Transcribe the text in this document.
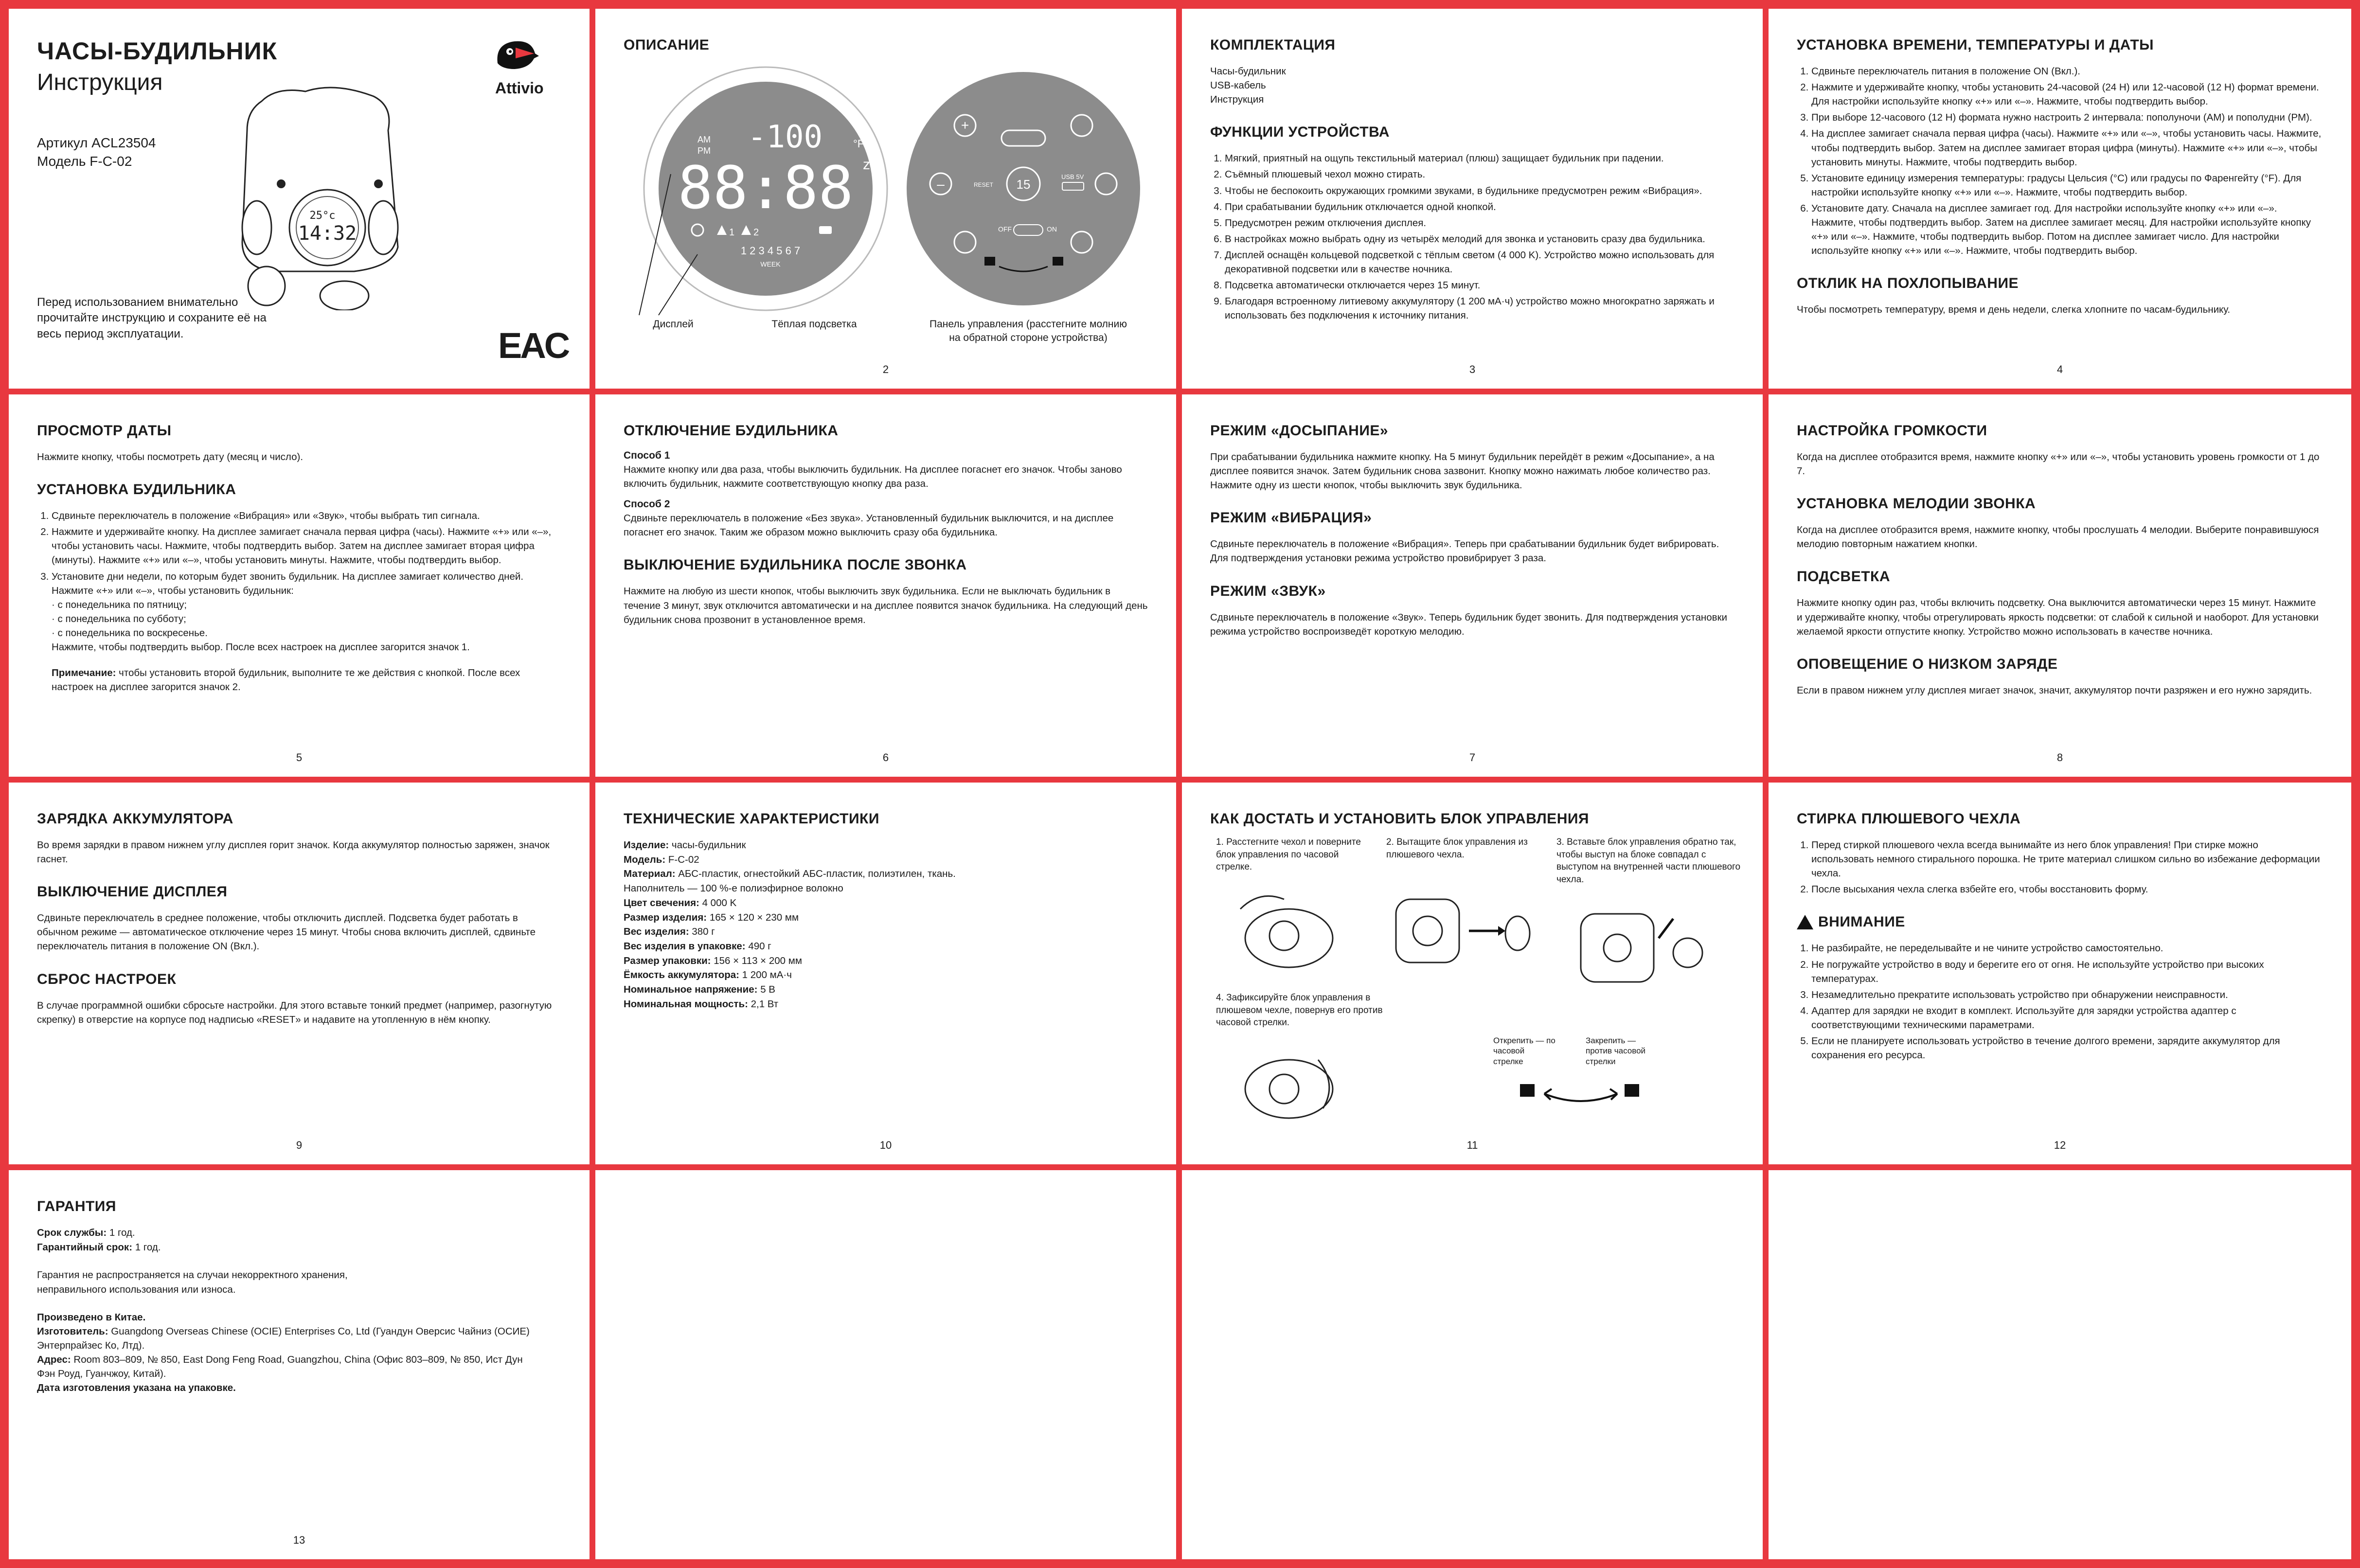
ЧАСЫ-БУДИЛЬНИК
Инструкция
Артикул ACL23504
Модель F-C-02
Attivio
25°c
14:32
Перед использованием внимательно прочитайте инструкцию и сохраните её на весь период эксплуатации.	EAC
ОПИСАНИЕ
-100	°C
°F
AM
PM
88:88 zᶻ
1 2
1 2 3 4 5 6 7
WEEK
+
–	15
RESET
USB 5V
OFF	ON
Дисплей	Тёплая подсветка	Панель управления (расстегните молнию на обратной стороне устройства)
2
КОМПЛЕКТАЦИЯ

Часы-будильник

USB-кабель

Инструкция

ФУНКЦИИ УСТРОЙСТВА
1. Мягкий, приятный на ощупь текстильный материал (плюш) защищает будильник при падении.
2. Съёмный плюшевый чехол можно стирать.
3. Чтобы не беспокоить окружающих громкими звуками, в будильнике предусмотрен режим «Вибрация».
4. При срабатывании будильник отключается одной кнопкой.
5. Предусмотрен режим отключения дисплея.
6. В настройках можно выбрать одну из четырёх мелодий для звонка и установить сразу два будильника.
7. Дисплей оснащён кольцевой подсветкой с тёплым светом (4 000 K). Устройство можно использовать для декоративной подсветки или в качестве ночника.
8. Подсветка автоматически отключается через 15 минут.
9. Благодаря встроенному литиевому аккумулятору (1 200 мА·ч) устройство можно многократно заряжать и использовать без подключения к источнику питания.
3
УСТАНОВКА ВРЕМЕНИ, ТЕМПЕРАТУРЫ И ДАТЫ
1. Сдвиньте переключатель питания в положение ON (Вкл.).
2. Нажмите и удерживайте кнопку, чтобы установить 24-часовой (24 H) или 12-часовой (12 H) формат времени. Для настройки используйте кнопку «+» или «–». Нажмите, чтобы подтвердить выбор.
3. При выборе 12-часового (12 H) формата нужно настроить 2 интервала: пополуночи (AM) и пополудни (PM).
4. На дисплее замигает сначала первая цифра (часы). Нажмите «+» или «–», чтобы установить часы. Нажмите, чтобы подтвердить выбор. Затем на дисплее замигает вторая цифра (минуты). Нажмите «+» или «–», чтобы установить минуты. Нажмите, чтобы подтвердить выбор.
5. Установите единицу измерения температуры: градусы Цельсия (°C) или градусы по Фаренгейту (°F). Для настройки используйте кнопку «+» или «–». Нажмите, чтобы подтвердить выбор.
6. Установите дату. Сначала на дисплее замигает год. Для настройки используйте кнопку «+» или «–». Нажмите, чтобы подтвердить выбор. Затем на дисплее замигает месяц. Для настройки используйте кнопку «+» или «–». Нажмите, чтобы подтвердить выбор. Потом на дисплее замигает число. Для настройки используйте кнопку «+» или «–». Нажмите, чтобы подтвердить выбор.
ОТКЛИК НА ПОХЛОПЫВАНИЕ

Чтобы посмотреть температуру, время и день недели, слегка хлопните по часам-будильнику.

4
ПРОСМОТР ДАТЫ

Нажмите кнопку, чтобы посмотреть дату (месяц и число).

УСТАНОВКА БУДИЛЬНИКА
1. Сдвиньте переключатель в положение «Вибрация» или «Звук», чтобы выбрать тип сигнала.
2. Нажмите и удерживайте кнопку. На дисплее замигает сначала первая цифра (часы). Нажмите «+» или «–», чтобы установить часы. Нажмите, чтобы подтвердить выбор. Затем на дисплее замигает вторая цифра (минуты). Нажмите «+» или «–», чтобы установить минуты. Нажмите, чтобы подтвердить выбор.
3. Установите дни недели, по которым будет звонить будильник. На дисплее замигает количество дней. Нажмите «+» или «–», чтобы установить будильник:
· с понедельника по пятницу;
· с понедельника по субботу;
· с понедельника по воскресенье.
Нажмите, чтобы подтвердить выбор. После всех настроек на дисплее загорится значок 1.

Примечание: чтобы установить второй будильник, выполните те же действия с кнопкой. После всех настроек на дисплее загорится значок 2.

5
ОТКЛЮЧЕНИЕ БУДИЛЬНИКА
Способ 1

Нажмите кнопку или два раза, чтобы выключить будильник. На дисплее погаснет его значок. Чтобы заново включить будильник, нажмите соответствующую кнопку два раза.

Способ 2

Сдвиньте переключатель в положение «Без звука». Установленный будильник выключится, и на дисплее погаснет его значок. Таким же образом можно выключить сразу оба будильника.

ВЫКЛЮЧЕНИЕ БУДИЛЬНИКА ПОСЛЕ ЗВОНКА

Нажмите на любую из шести кнопок, чтобы выключить звук будильника. Если не выключать будильник в течение 3 минут, звук отключится автоматически и на дисплее появится значок будильника. На следующий день будильник снова прозвонит в установленное время.

6
РЕЖИМ «ДОСЫПАНИЕ»

При срабатывании будильника нажмите кнопку. На 5 минут будильник перейдёт в режим «Досыпание», а на дисплее появится значок. Затем будильник снова зазвонит. Кнопку можно нажимать любое количество раз. Нажмите одну из шести кнопок, чтобы выключить звук будильника.

РЕЖИМ «ВИБРАЦИЯ»

Сдвиньте переключатель в положение «Вибрация». Теперь при срабатывании будильник будет вибрировать. Для подтверждения установки режима устройство провибрирует 3 раза.

РЕЖИМ «ЗВУК»

Сдвиньте переключатель в положение «Звук». Теперь будильник будет звонить. Для подтверждения установки режима устройство воспроизведёт короткую мелодию.

7
НАСТРОЙКА ГРОМКОСТИ

Когда на дисплее отобразится время, нажмите кнопку «+» или «–», чтобы установить уровень громкости от 1 до 7.

УСТАНОВКА МЕЛОДИИ ЗВОНКА

Когда на дисплее отобразится время, нажмите кнопку, чтобы прослушать 4 мелодии. Выберите понравившуюся мелодию повторным нажатием кнопки.

ПОДСВЕТКА

Нажмите кнопку один раз, чтобы включить подсветку. Она выключится автоматически через 15 минут. Нажмите и удерживайте кнопку, чтобы отрегулировать яркость подсветки: от слабой к сильной и наоборот. Для установки желаемой яркости отпустите кнопку. Устройство можно использовать в качестве ночника.

ОПОВЕЩЕНИЕ О НИЗКОМ ЗАРЯДЕ

Если в правом нижнем углу дисплея мигает значок, значит, аккумулятор почти разряжен и его нужно зарядить.

8
ЗАРЯДКА АККУМУЛЯТОРА

Во время зарядки в правом нижнем углу дисплея горит значок. Когда аккумулятор полностью заряжен, значок гаснет.

ВЫКЛЮЧЕНИЕ ДИСПЛЕЯ

Сдвиньте переключатель в среднее положение, чтобы отключить дисплей. Подсветка будет работать в обычном режиме — автоматическое отключение через 15 минут. Чтобы снова включить дисплей, сдвиньте переключатель питания в положение ON (Вкл.).

СБРОС НАСТРОЕК

В случае программной ошибки сбросьте настройки. Для этого вставьте тонкий предмет (например, разогнутую скрепку) в отверстие на корпусе под надписью «RESET» и надавите на утопленную в нём кнопку.

9
ТЕХНИЧЕСКИЕ ХАРАКТЕРИСТИКИ
Изделие: часы-будильник
Модель: F-C-02
Материал: АБС-пластик, огнестойкий АБС-пластик, полиэтилен, ткань.
Наполнитель — 100 %-е полиэфирное волокно
Цвет свечения: 4 000 K
Размер изделия: 165 × 120 × 230 мм
Вес изделия: 380 г
Вес изделия в упаковке: 490 г
Размер упаковки: 156 × 113 × 200 мм
Ёмкость аккумулятора: 1 200 мА·ч
Номинальное напряжение: 5 В
Номинальная мощность: 2,1 Вт
10
КАК ДОСТАТЬ И УСТАНОВИТЬ БЛОК УПРАВЛЕНИЯ
1. Расстегните чехол и поверните блок управления по часовой стрелке.
2. Вытащите блок управления из плюшевого чехла.
3. Вставьте блок управления обратно так, чтобы выступ на блоке совпадал с выступом на внутренней части плюшевого чехла.
4. Зафиксируйте блок управления в плюшевом чехле, повернув его против часовой стрелки.
Открепить — по часовой стрелке
Закрепить — против часовой стрелки
11
СТИРКА ПЛЮШЕВОГО ЧЕХЛА
1. Перед стиркой плюшевого чехла всегда вынимайте из него блок управления! При стирке можно использовать немного стирального порошка. Не трите материал слишком сильно во избежание деформации чехла.
2. После высыхания чехла слегка взбейте его, чтобы восстановить форму.
ВНИМАНИЕ
1. Не разбирайте, не переделывайте и не чините устройство самостоятельно.
2. Не погружайте устройство в воду и берегите его от огня. Не используйте устройство при высоких температурах.
3. Незамедлительно прекратите использовать устройство при обнаружении неисправности.
4. Адаптер для зарядки не входит в комплект. Используйте для зарядки устройства адаптер с соответствующими техническими параметрами.
5. Если не планируете использовать устройство в течение долгого времени, зарядите аккумулятор для сохранения его ресурса.
12
ГАРАНТИЯ
Срок службы: 1 год.
Гарантийный срок: 1 год.

Гарантия не распространяется на случаи некорректного хранения, неправильного использования или износа.

Произведено в Китае.

Изготовитель: Guangdong Overseas Chinese (OCIE) Enterprises Co, Ltd (Гуандун Оверсис Чайниз (ОСИЕ) Энтерпрайзес Ко, Лтд).

Адрес: Room 803–809, № 850, East Dong Feng Road, Guangzhou, China (Офис 803–809, № 850, Ист Дун Фэн Роуд, Гуанчжоу, Китай).

Дата изготовления указана на упаковке.

13
